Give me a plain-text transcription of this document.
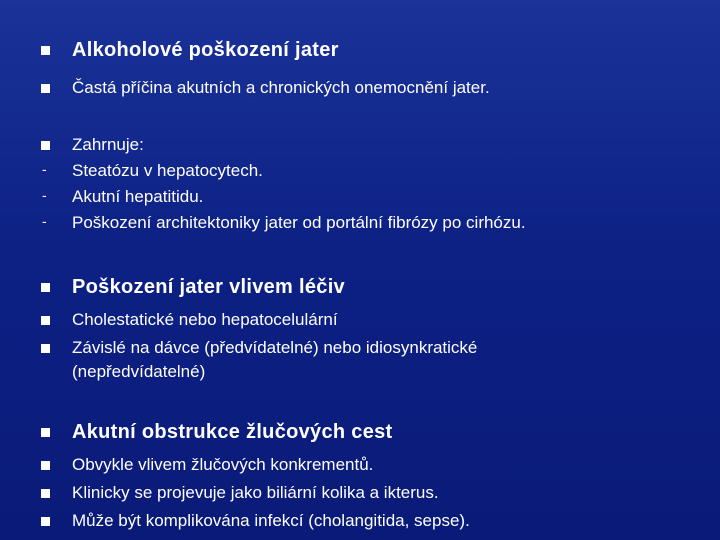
Alkoholové poškození jater
Častá příčina akutních a chronických onemocnění jater.
Zahrnuje:
- Steatózu v hepatocytech.
- Akutní hepatitidu.
- Poškození architektoniky jater od portální fibrózy po cirhózu.
Poškození jater vlivem léčiv
Cholestatické nebo hepatocelulární
Závislé na dávce (předvídatelné) nebo idiosynkratické
(nepředvídatelné)
Akutní obstrukce žlučových cest
Obvykle vlivem žlučových konkrementů.
Klinicky se projevuje jako biliární kolika a ikterus.
Může být komplikována infekcí (cholangitida, sepse).
